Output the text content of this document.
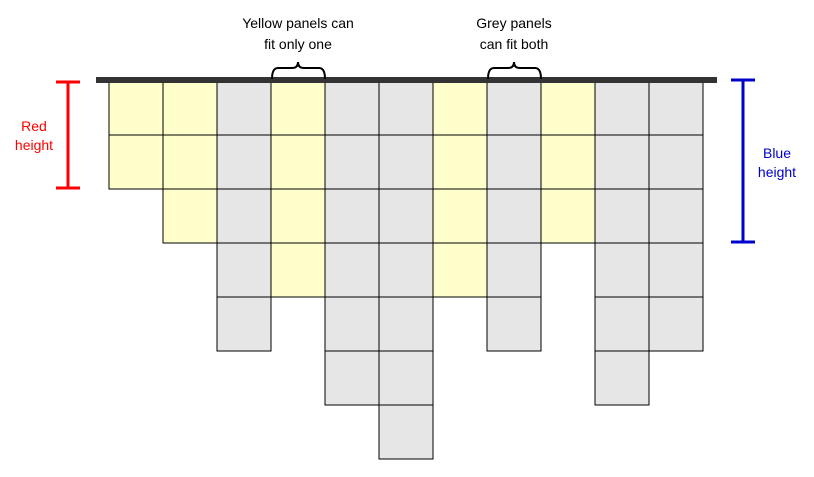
Yellow panels can
fit only one
Grey panels
can fit both
Red
height	Blue
height
